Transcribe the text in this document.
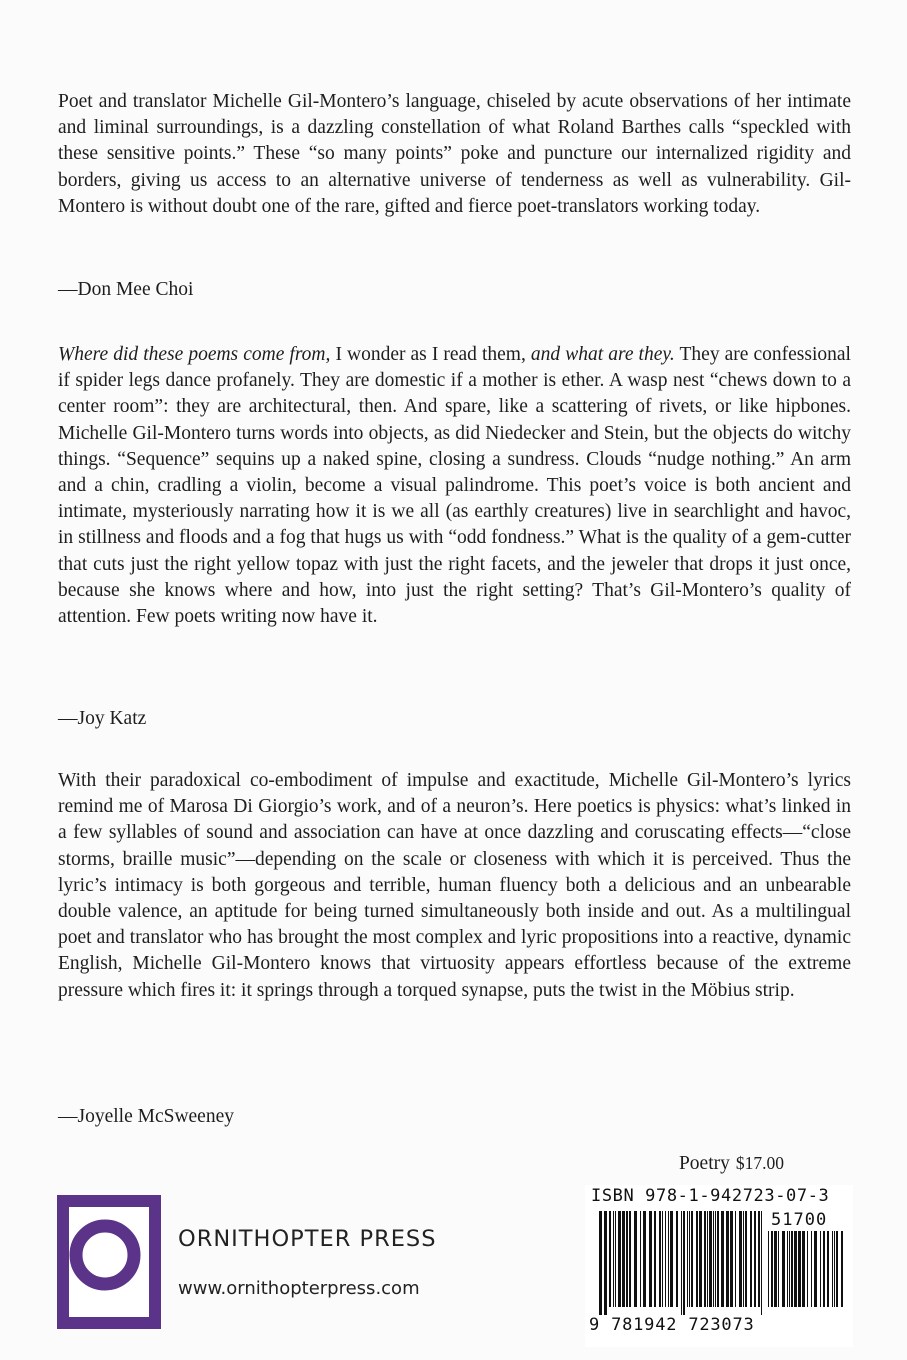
Poet and translator Michelle Gil-Montero’s language, chiseled by acute observations of her intimate and liminal surroundings, is a dazzling constellation of what Roland Barthes calls “speckled with these sensitive points.” These “so many points” poke and puncture our internalized rigidity and borders, giving us access to an alternative universe of tenderness as well as vulnerability. Gil-Montero is without doubt one of the rare, gifted and fierce poet-translators working today.

—Don Mee Choi

Where did these poems come from, I wonder as I read them, and what are they. They are confessional if spider legs dance profanely. They are domestic if a mother is ether. A wasp nest “chews down to a center room”: they are architectural, then. And spare, like a scattering of rivets, or like hipbones. Michelle Gil-Montero turns words into objects, as did Niedecker and Stein, but the objects do witchy things. “Sequence” sequins up a naked spine, closing a sundress. Clouds “nudge nothing.” An arm and a chin, cradling a violin, become a visual palindrome. This poet’s voice is both ancient and intimate, mysteriously narrating how it is we all (as earthly creatures) live in searchlight and havoc, in stillness and floods and a fog that hugs us with “odd fondness.” What is the quality of a gem-cutter that cuts just the right yellow topaz with just the right facets, and the jeweler that drops it just once, because she knows where and how, into just the right setting? That’s Gil-Montero’s quality of attention. Few poets writing now have it.

—Joy Katz

With their paradoxical co-embodiment of impulse and exactitude, Michelle Gil-Montero’s lyrics remind me of Marosa Di Giorgio’s work, and of a neuron’s. Here poetics is physics: what’s linked in a few syllables of sound and association can have at once dazzling and coruscating effects—“close storms, braille music”—depending on the scale or closeness with which it is perceived. Thus the lyric’s intimacy is both gorgeous and terrible, human fluency both a delicious and an unbearable double valence, an aptitude for being turned simultaneously both inside and out. As a multilingual poet and translator who has brought the most complex and lyric propositions into a reactive, dynamic English, Michelle Gil-Montero knows that virtuosity appears effortless because of the extreme pressure which fires it: it springs through a torqued synapse, puts the twist in the Möbius strip.

—Joyelle McSweeney

Poetry $17.00
ORNITHOPTER PRESS
www.ornithopterpress.com
ISBN 978-1-942723-07-3
51700
9 781942 723073
